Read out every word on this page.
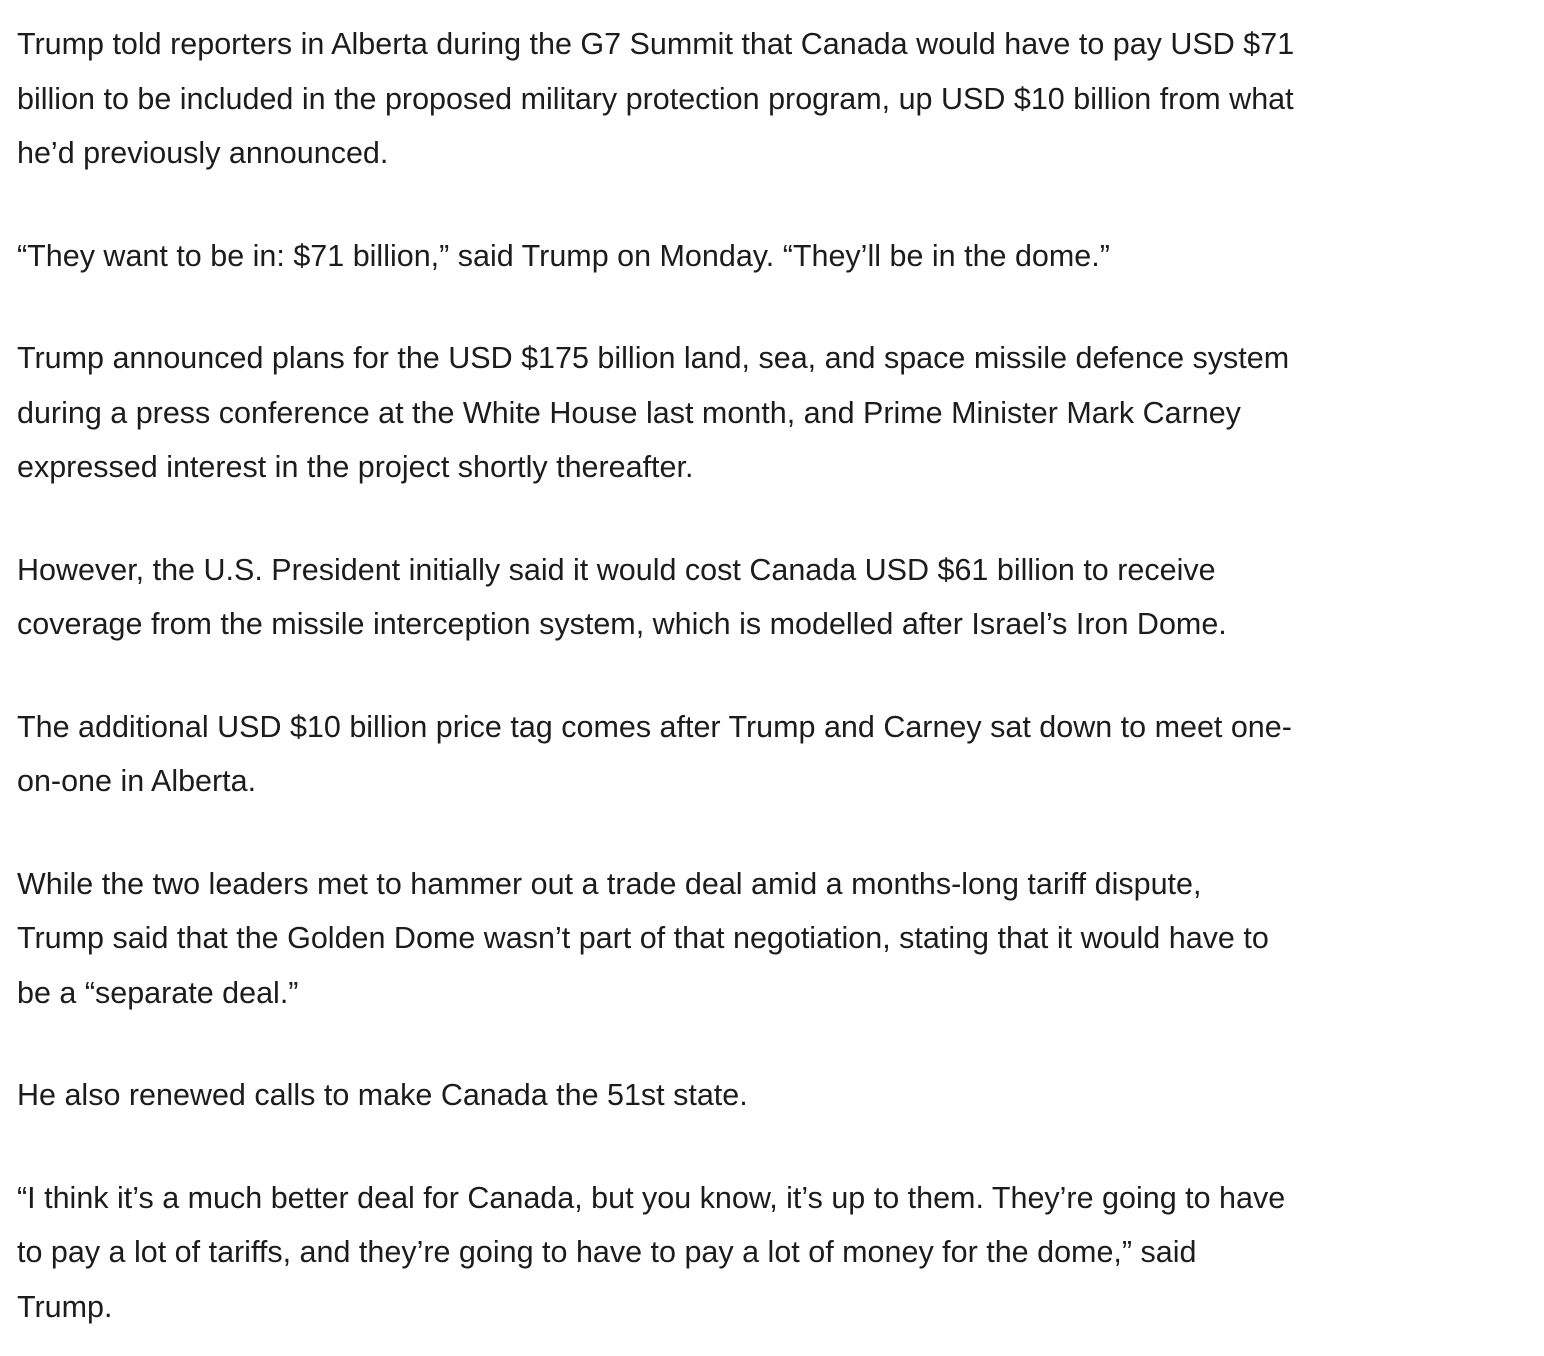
Trump told reporters in Alberta during the G7 Summit that Canada would have to pay USD $71
billion to be included in the proposed military protection program, up USD $10 billion from what
he’d previously announced.

“They want to be in: $71 billion,” said Trump on Monday. “They’ll be in the dome.”

Trump announced plans for the USD $175 billion land, sea, and space missile defence system
during a press conference at the White House last month, and Prime Minister Mark Carney
expressed interest in the project shortly thereafter.

However, the U.S. President initially said it would cost Canada USD $61 billion to receive
coverage from the missile interception system, which is modelled after Israel’s Iron Dome.

The additional USD $10 billion price tag comes after Trump and Carney sat down to meet one-
on-one in Alberta.

While the two leaders met to hammer out a trade deal amid a months-long tariff dispute,
Trump said that the Golden Dome wasn’t part of that negotiation, stating that it would have to
be a “separate deal.”

He also renewed calls to make Canada the 51st state.

“I think it’s a much better deal for Canada, but you know, it’s up to them. They’re going to have
to pay a lot of tariffs, and they’re going to have to pay a lot of money for the dome,” said
Trump.
